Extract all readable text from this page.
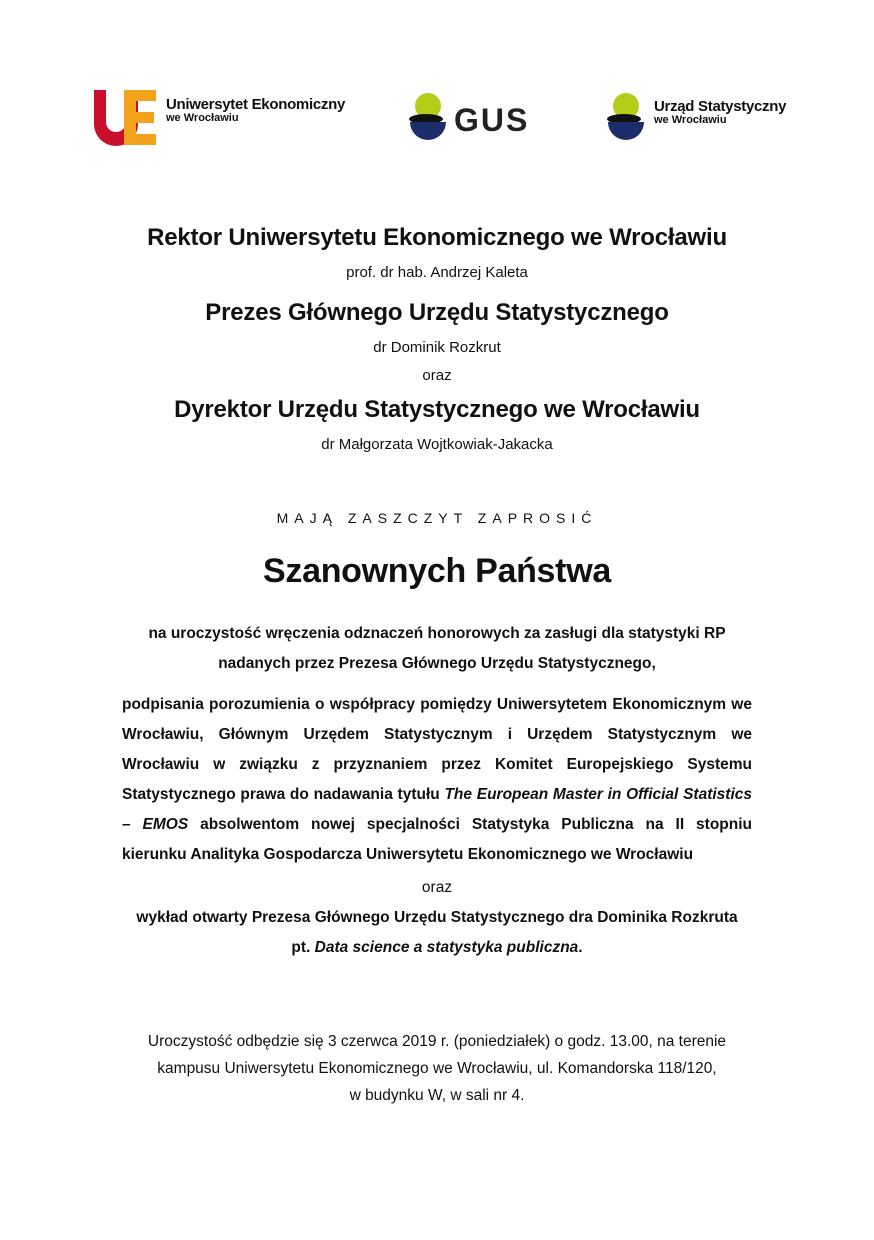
Uniwersytet Ekonomiczny
we Wrocławiu	GUS	Urząd Statystyczny
we Wrocławiu
Rektor Uniwersytetu Ekonomicznego we Wrocławiu
prof. dr hab. Andrzej Kaleta
Prezes Głównego Urzędu Statystycznego
dr Dominik Rozkrut
oraz
Dyrektor Urzędu Statystycznego we Wrocławiu
dr Małgorzata Wojtkowiak-Jakacka
MAJĄ ZASZCZYT ZAPROSIĆ
Szanownych Państwa
na uroczystość wręczenia odznaczeń honorowych za zasługi dla statystyki RP
nadanych przez Prezesa Głównego Urzędu Statystycznego,
podpisania porozumienia o współpracy pomiędzy Uniwersytetem Ekonomicznym we Wrocławiu, Głównym Urzędem Statystycznym i Urzędem Statystycznym we Wrocławiu w związku z przyznaniem przez Komitet Europejskiego Systemu Statystycznego prawa do nadawania tytułu The European Master in Official Statistics – EMOS absolwentom nowej specjalności Statystyka Publiczna na II stopniu kierunku Analityka Gospodarcza Uniwersytetu Ekonomicznego we Wrocławiu
oraz
wykład otwarty Prezesa Głównego Urzędu Statystycznego dra Dominika Rozkruta
pt. Data science a statystyka publiczna.
Uroczystość odbędzie się 3 czerwca 2019 r. (poniedziałek) o godz. 13.00, na terenie
kampusu Uniwersytetu Ekonomicznego we Wrocławiu, ul. Komandorska 118/120,
w budynku W, w sali nr 4.
